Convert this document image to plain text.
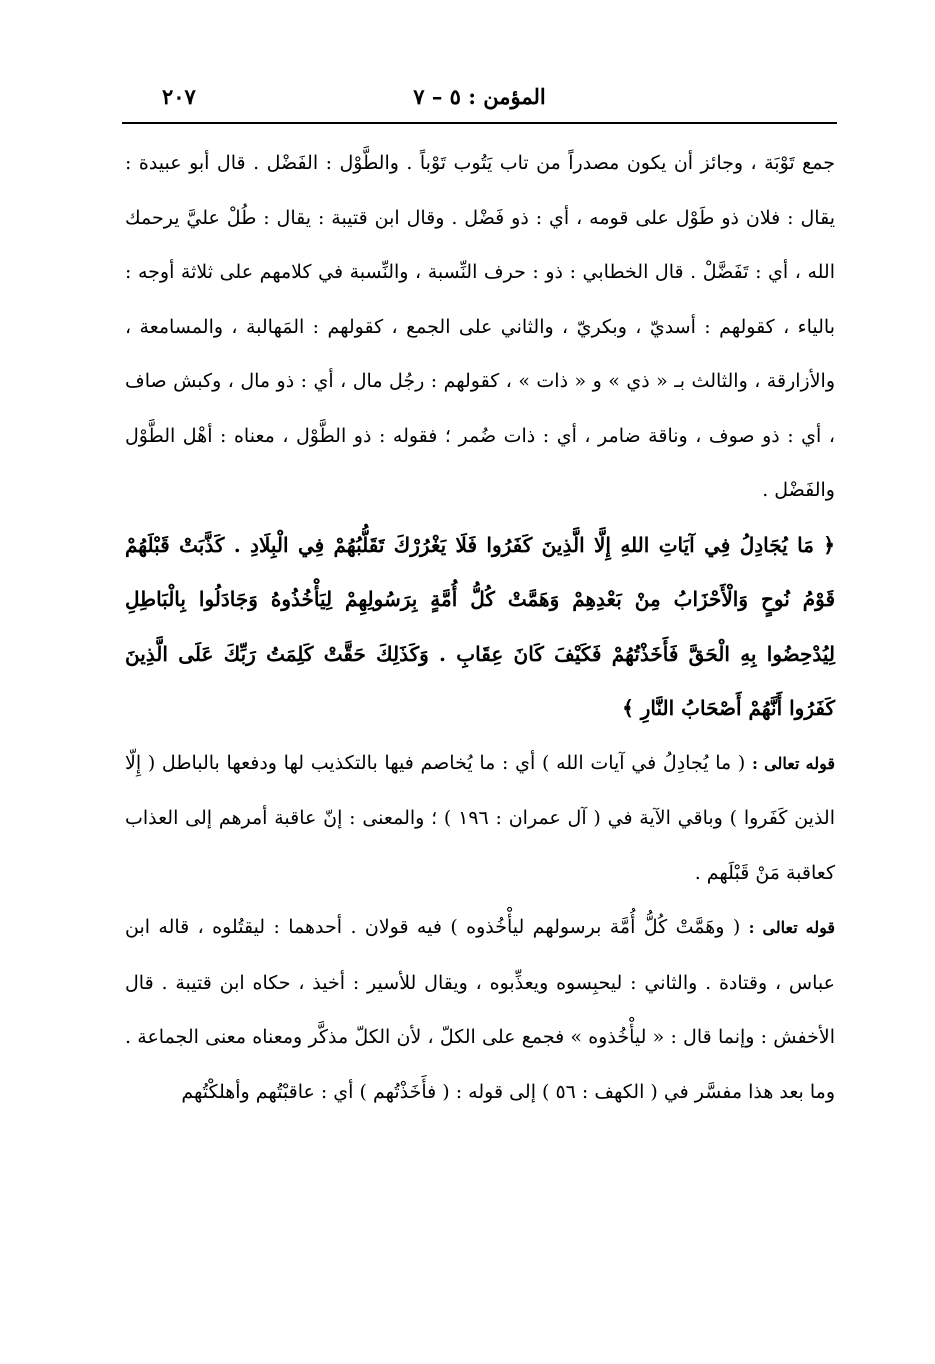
المؤمن : ٥ – ٧
٢٠٧

جمع تَوْبَة ، وجائز أن يكون مصدراً من تاب يَتُوب تَوْباً . والطَّوْل : الفَضْل . قال أبو عبيدة : يقال : فلان ذو طَوْل على قومه ، أي : ذو فَضْل . وقال ابن قتيبة : يقال : طُلْ عليَّ يرحمك الله ، أي : تَفَضَّلْ . قال الخطابي : ذو : حرف النِّسبة ، والنِّسبة في كلامهم على ثلاثة أوجه : بالياء ، كقولهم : أسديّ ، وبكريّ ، والثاني على الجمع ، كقولهم : المَهالبة ، والمسامعة ، والأزارقة ، والثالث بـ « ذي » و « ذات » ، كقولهم : رجُل مال ، أي : ذو مال ، وكبش صاف ، أي : ذو صوف ، وناقة ضامر ، أي : ذات ضُمر ؛ فقوله : ذو الطَّوْل ، معناه : أهْل الطَّوْل والفَضْل .

﴿ مَا يُجَادِلُ فِي آيَاتِ اللهِ إِلَّا الَّذِينَ كَفَرُوا فَلَا يَغْرُرْكَ تَقَلُّبُهُمْ فِي الْبِلَادِ . كَذَّبَتْ قَبْلَهُمْ قَوْمُ نُوحٍ وَالْأَحْزَابُ مِنْ بَعْدِهِمْ وَهَمَّتْ كُلُّ أُمَّةٍ بِرَسُولِهِمْ لِيَأْخُذُوهُ وَجَادَلُوا بِالْبَاطِلِ لِيُدْحِضُوا بِهِ الْحَقَّ فَأَخَذْتُهُمْ فَكَيْفَ كَانَ عِقَابِ . وَكَذَلِكَ حَقَّتْ كَلِمَتُ رَبِّكَ عَلَى الَّذِينَ كَفَرُوا أَنَّهُمْ أَصْحَابُ النَّارِ ﴾

قوله تعالى : ( ما يُجادِلُ في آيات الله ) أي : ما يُخاصم فيها بالتكذيب لها ودفعها بالباطل ( إِلّا الذين كَفَروا ) وباقي الآية في ( آل عمران : ١٩٦ ) ؛ والمعنى : إنّ عاقبة أمرهم إلى العذاب كعاقبة مَنْ قَبْلَهم .

قوله تعالى : ( وهَمَّتْ كُلُّ أُمَّة برسولهم ليأْخُذوه ) فيه قولان . أحدهما : ليقتُلوه ، قاله ابن عباس ، وقتادة . والثاني : ليحبِسوه ويعذِّبوه ، ويقال للأسير : أخيذ ، حكاه ابن قتيبة . قال الأخفش : وإنما قال : « ليأْخُذوه » فجمع على الكلّ ، لأن الكلّ مذكَّر ومعناه معنى الجماعة . وما بعد هذا مفسَّر في ( الكهف : ٥٦ ) إلى قوله : ( فأَخَذْتُهم ) أي : عاقبْتُهم وأهلكْتُهم
